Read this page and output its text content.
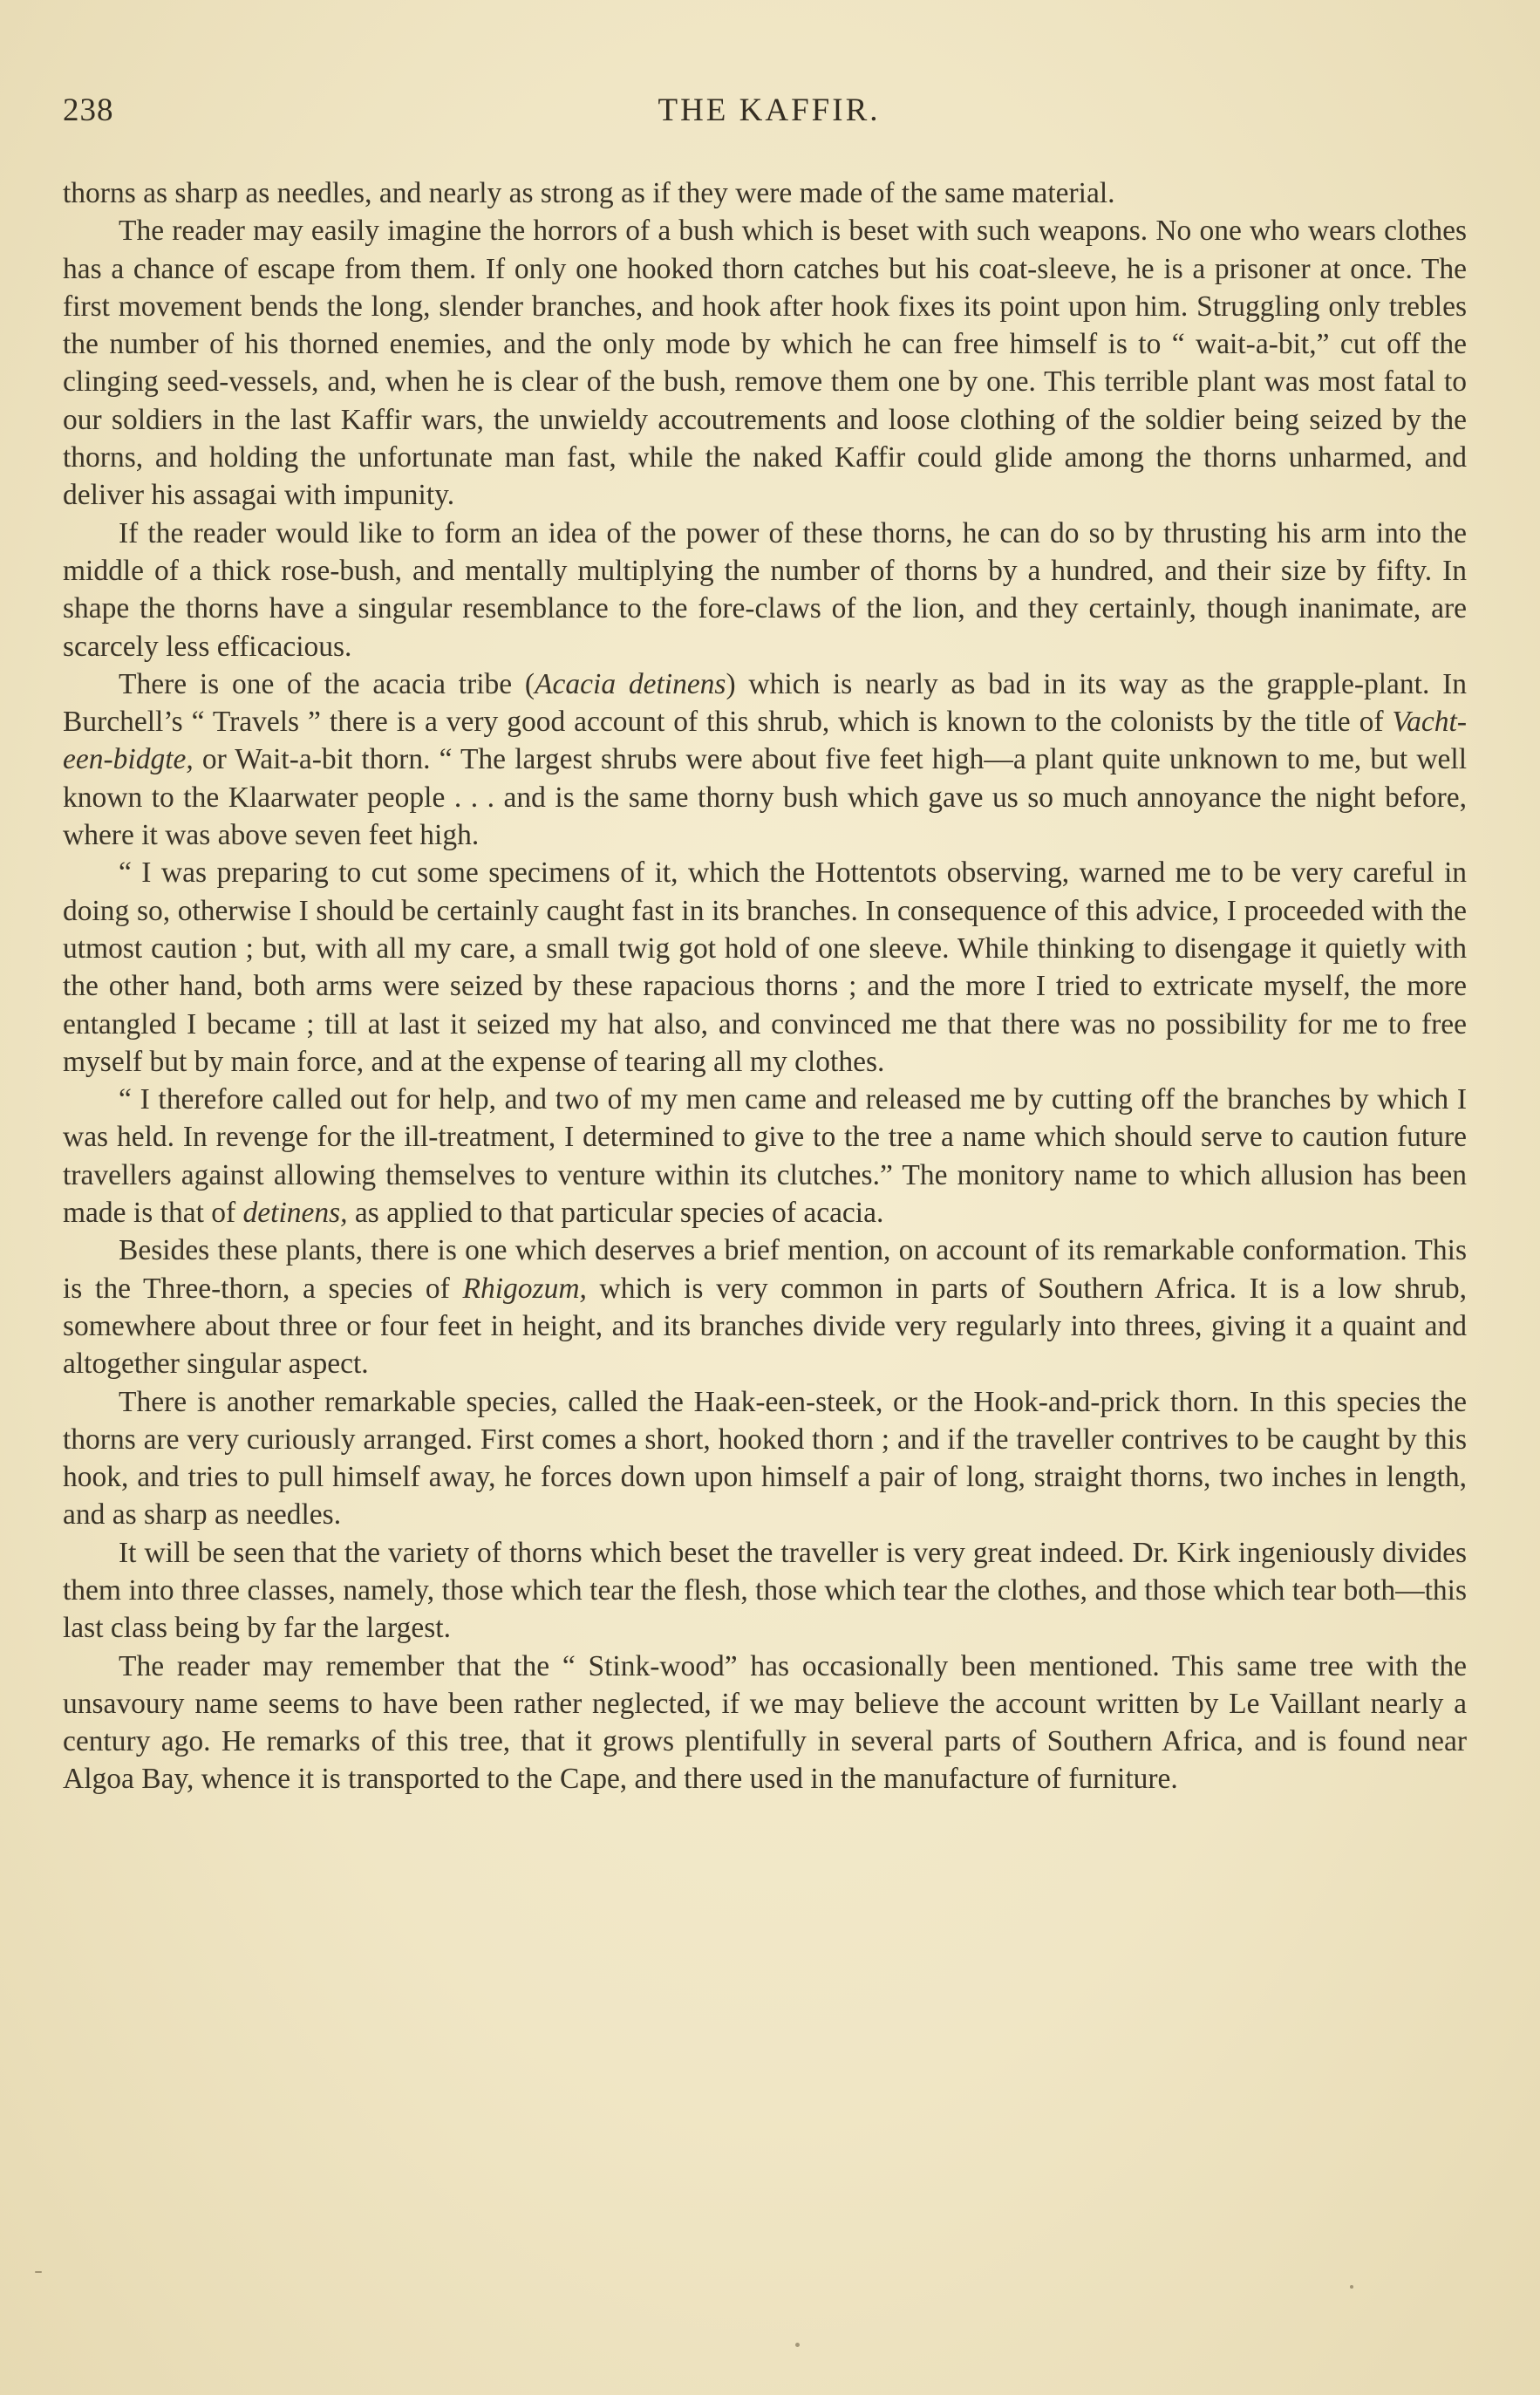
238	THE KAFFIR.

thorns as sharp as needles, and nearly as strong as if they were made of the same material.

The reader may easily imagine the horrors of a bush which is beset with such weapons. No one who wears clothes has a chance of escape from them. If only one hooked thorn catches but his coat-sleeve, he is a prisoner at once. The first movement bends the long, slender branches, and hook after hook fixes its point upon him. Struggling only trebles the number of his thorned enemies, and the only mode by which he can free himself is to “ wait-a-bit,” cut off the clinging seed-vessels, and, when he is clear of the bush, remove them one by one. This terrible plant was most fatal to our soldiers in the last Kaffir wars, the unwieldy accoutrements and loose clothing of the soldier being seized by the thorns, and holding the unfortunate man fast, while the naked Kaffir could glide among the thorns unharmed, and deliver his assagai with impunity.

If the reader would like to form an idea of the power of these thorns, he can do so by thrusting his arm into the middle of a thick rose-bush, and mentally multiplying the number of thorns by a hundred, and their size by fifty. In shape the thorns have a singular resemblance to the fore-claws of the lion, and they certainly, though inanimate, are scarcely less efficacious.

There is one of the acacia tribe (Acacia detinens) which is nearly as bad in its way as the grapple-plant. In Burchell’s “ Travels ” there is a very good account of this shrub, which is known to the colonists by the title of Vacht-een-bidgte, or Wait-a-bit thorn. “ The largest shrubs were about five feet high—a plant quite unknown to me, but well known to the Klaarwater people . . . and is the same thorny bush which gave us so much annoyance the night before, where it was above seven feet high.

“ I was preparing to cut some specimens of it, which the Hottentots observing, warned me to be very careful in doing so, otherwise I should be certainly caught fast in its branches. In consequence of this advice, I proceeded with the utmost caution ; but, with all my care, a small twig got hold of one sleeve. While thinking to disengage it quietly with the other hand, both arms were seized by these rapacious thorns ; and the more I tried to extricate myself, the more entangled I became ; till at last it seized my hat also, and convinced me that there was no possibility for me to free myself but by main force, and at the expense of tearing all my clothes.

“ I therefore called out for help, and two of my men came and released me by cutting off the branches by which I was held. In revenge for the ill-treatment, I determined to give to the tree a name which should serve to caution future travellers against allowing themselves to venture within its clutches.” The monitory name to which allusion has been made is that of detinens, as applied to that particular species of acacia.

Besides these plants, there is one which deserves a brief mention, on account of its remarkable conformation. This is the Three-thorn, a species of Rhigozum, which is very common in parts of Southern Africa. It is a low shrub, somewhere about three or four feet in height, and its branches divide very regularly into threes, giving it a quaint and altogether singular aspect.

There is another remarkable species, called the Haak-een-steek, or the Hook-and-prick thorn. In this species the thorns are very curiously arranged. First comes a short, hooked thorn ; and if the traveller contrives to be caught by this hook, and tries to pull himself away, he forces down upon himself a pair of long, straight thorns, two inches in length, and as sharp as needles.

It will be seen that the variety of thorns which beset the traveller is very great indeed. Dr. Kirk ingeniously divides them into three classes, namely, those which tear the flesh, those which tear the clothes, and those which tear both—this last class being by far the largest.

The reader may remember that the “ Stink-wood” has occasionally been mentioned. This same tree with the unsavoury name seems to have been rather neglected, if we may believe the account written by Le Vaillant nearly a century ago. He remarks of this tree, that it grows plentifully in several parts of Southern Africa, and is found near Algoa Bay, whence it is transported to the Cape, and there used in the manufacture of furniture.
